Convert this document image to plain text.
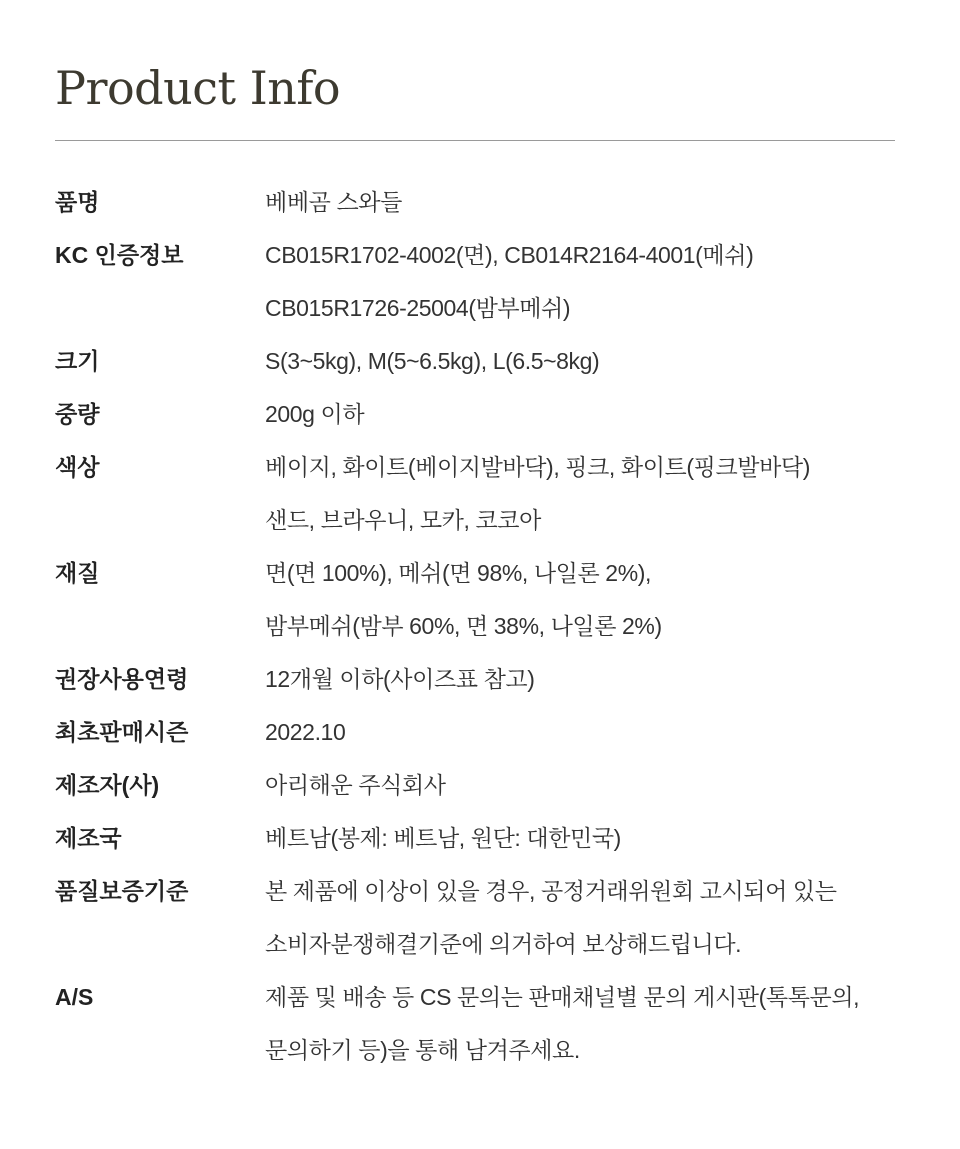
Product Info
품명	베베곰 스와들
KC 인증정보	CB015R1702-4002(면), CB014R2164-4001(메쉬)
CB015R1726-25004(밤부메쉬)
크기	S(3~5kg), M(5~6.5kg), L(6.5~8kg)
중량	200g 이하
색상	베이지, 화이트(베이지발바닥), 핑크, 화이트(핑크발바닥)
샌드, 브라우니, 모카, 코코아
재질	면(면 100%), 메쉬(면 98%, 나일론 2%),
밤부메쉬(밤부 60%, 면 38%, 나일론 2%)
권장사용연령	12개월 이하(사이즈표 참고)
최초판매시즌	2022.10
제조자(사)	아리해운 주식회사
제조국	베트남(봉제: 베트남, 원단: 대한민국)
품질보증기준	본 제품에 이상이 있을 경우, 공정거래위원회 고시되어 있는
소비자분쟁해결기준에 의거하여 보상해드립니다.
A/S	제품 및 배송 등 CS 문의는 판매채널별 문의 게시판(톡톡문의,
문의하기 등)을 통해 남겨주세요.
